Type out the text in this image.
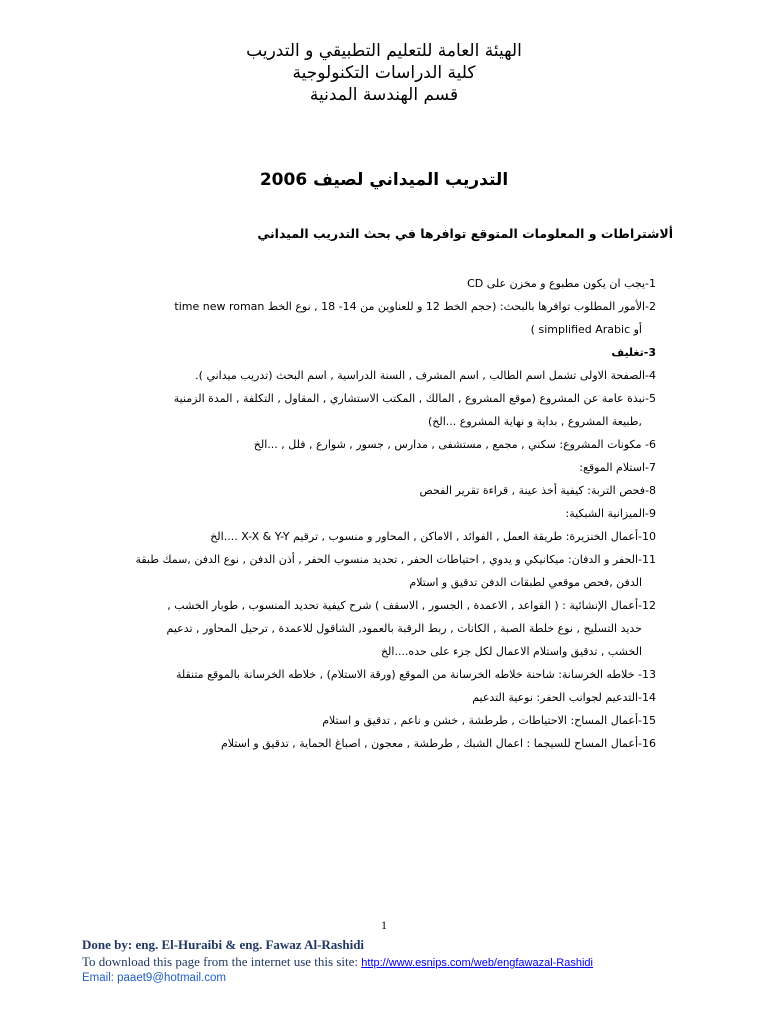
الهيئة العامة للتعليم التطبيقي و التدريب
كلية الدراسات التكنولوجية
قسم الهندسة المدنية
التدريب الميداني لصيف 2006
ألاشتراطات و المعلومات المتوقع توافرها في بحث التدريب الميداني
1-يجب ان يكون مطبوع و مخزن على CD
2-الأمور المطلوب توافرها بالبحث: (حجم الخط 12 و للعناوين من 14- 18 , نوع الخط time new roman
أو simplified Arabic )
3-تغليف
4-الصفحة الاولى تشمل اسم الطالب , اسم المشرف , السنة الدراسية , اسم البحث (تدريب ميداني ).
5-نبذة عامة عن المشروع (موقع المشروع , المالك , المكتب الاستشاري , المقاول , التكلفة , المدة الزمنية
,طبيعة المشروع , بداية و نهاية المشروع ...الخ)
6- مكونات المشروع: سكني , مجمع , مستشفى , مدارس , جسور , شوارع , فلل , ...الخ
7-استلام الموقع:
8-فحص التربة: كيفية أخذ عينة , قراءة تقرير الفحص
9-الميزانية الشبكية:
10-أعمال الخنزيرة: طريقة العمل , الفوائد , الاماكن , المحاور و منسوب , ترقيم X-X & Y-Y ....الخ
11-الحفر و الدفان: ميكانيكي و يدوي , احتياطات الحفر , تحديد منسوب الحفر , أذن الدفن , نوع الدفن ,سمك طبقة
الدفن ,فحص موقعي لطبقات الدفن تدقيق و استلام
12-أعمال الإنشائية : ( القواعد , الاعمدة , الجسور , الاسقف ) شرح كيفية تحديد المنسوب , طوبار الخشب ,
حديد التسليح , نوع خلطة الصبة , الكانات , ربط الرقبة بالعمود, الشاقول للاعمدة , ترحيل المحاور , تدعيم
الخشب , تدقيق واستلام الاعمال لكل جزء على حده....الخ
13- خلاطه الخرسانة: شاحنة خلاطه الخرسانة من الموقع (ورقة الاستلام) , خلاطه الخرسانة بالموقع متنقلة
14-التدعيم لجوانب الحفر: نوعية التدعيم
15-أعمال المساح: الاحتياطات , طرطشة , خشن و ناعم , تدقيق و استلام
16-أعمال المساح للسيجما : اعمال الشبك , طرطشة , معجون , اصباغ الحماية , تدقيق و استلام
1
Done by: eng. El-Huraibi & eng. Fawaz Al-Rashidi
To download this page from the internet use this site: http://www.esnips.com/web/engfawazal-Rashidi
Email: paaet9@hotmail.com
